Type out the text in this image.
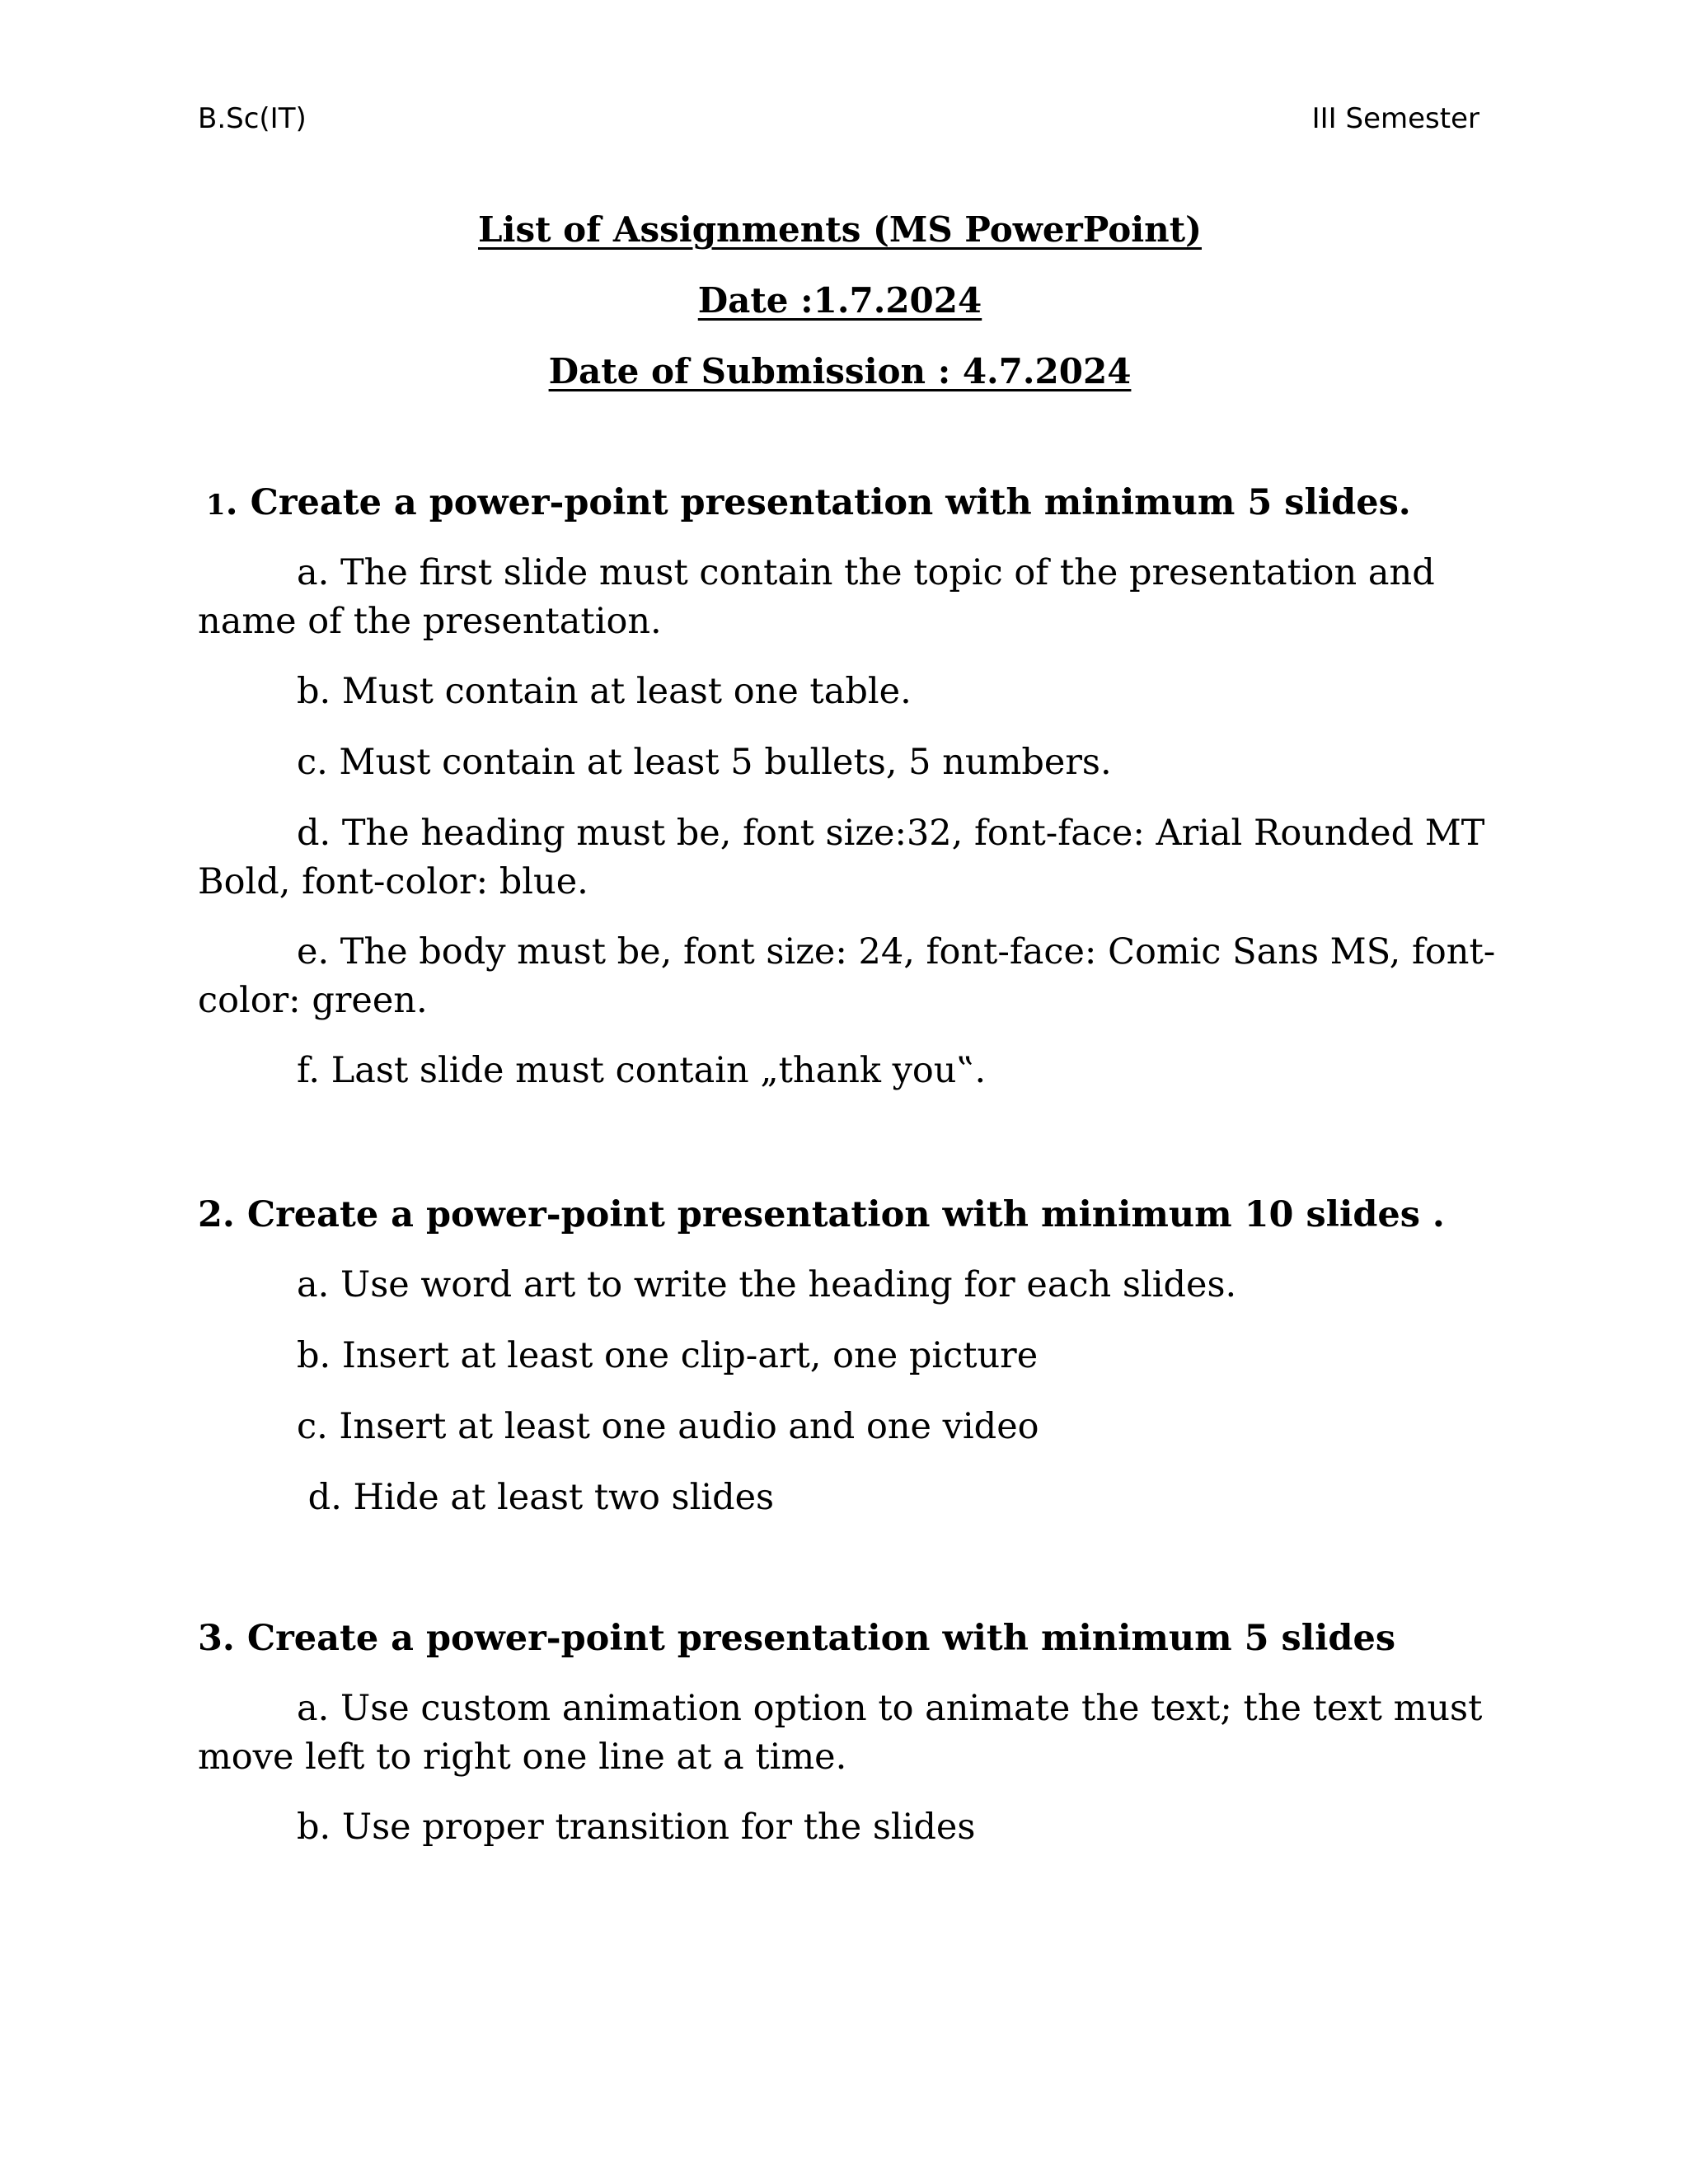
B.Sc(IT)	III Semester
List of Assignments (MS PowerPoint)
Date :1.7.2024
Date of Submission : 4.7.2024
1. Create a power-point presentation with minimum 5 slides.
a. The first slide must contain the topic of the presentation and name of the presentation.
b. Must contain at least one table.
c. Must contain at least 5 bullets, 5 numbers.
d. The heading must be, font size:32, font-face: Arial Rounded MT Bold, font-color: blue.
e. The body must be, font size: 24, font-face: Comic Sans MS, font-color: green.
f. Last slide must contain „thank you‟.
2. Create a power-point presentation with minimum 10 slides .
a. Use word art to write the heading for each slides.
b. Insert at least one clip-art, one picture
c. Insert at least one audio and one video
d. Hide at least two slides
3. Create a power-point presentation with minimum 5 slides
a. Use custom animation option to animate the text; the text must move left to right one line at a time.
b. Use proper transition for the slides
